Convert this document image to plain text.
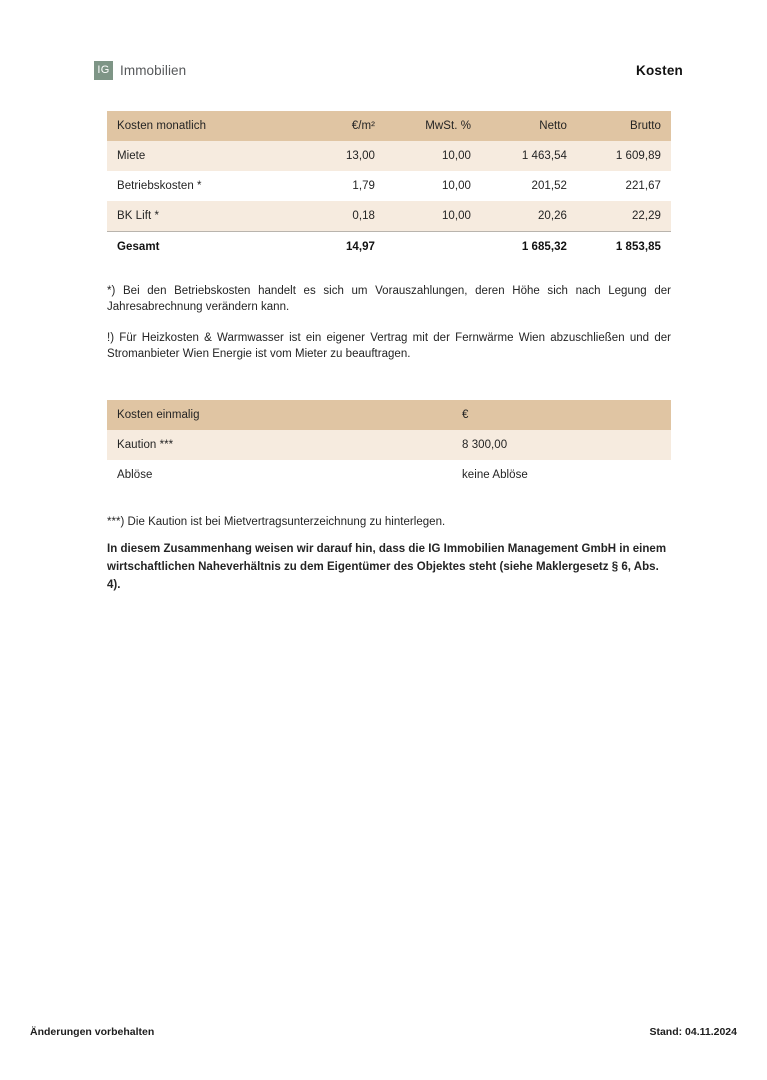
IG Immobilien	Kosten
Kosten monatlich	€/m²	MwSt. %	Netto	Brutto
Miete	13,00	10,00	1 463,54	1 609,89
Betriebskosten *	1,79	10,00	201,52	221,67
BK Lift *	0,18	10,00	20,26	22,29
Gesamt	14,97		1 685,32	1 853,85

*) Bei den Betriebskosten handelt es sich um Vorauszahlungen, deren Höhe sich nach Legung der Jahresabrechnung verändern kann.

!) Für Heizkosten & Warmwasser ist ein eigener Vertrag mit der Fernwärme Wien abzuschließen und der Stromanbieter Wien Energie ist vom Mieter zu beauftragen.

Kosten einmalig	€
Kaution ***	8 300,00
Ablöse	keine Ablöse

***) Die Kaution ist bei Mietvertragsunterzeichnung zu hinterlegen.

In diesem Zusammenhang weisen wir darauf hin, dass die IG Immobilien Management GmbH in einem wirtschaftlichen Naheverhältnis zu dem Eigentümer des Objektes steht (siehe Maklergesetz § 6, Abs. 4).

Änderungen vorbehalten	Stand: 04.11.2024
